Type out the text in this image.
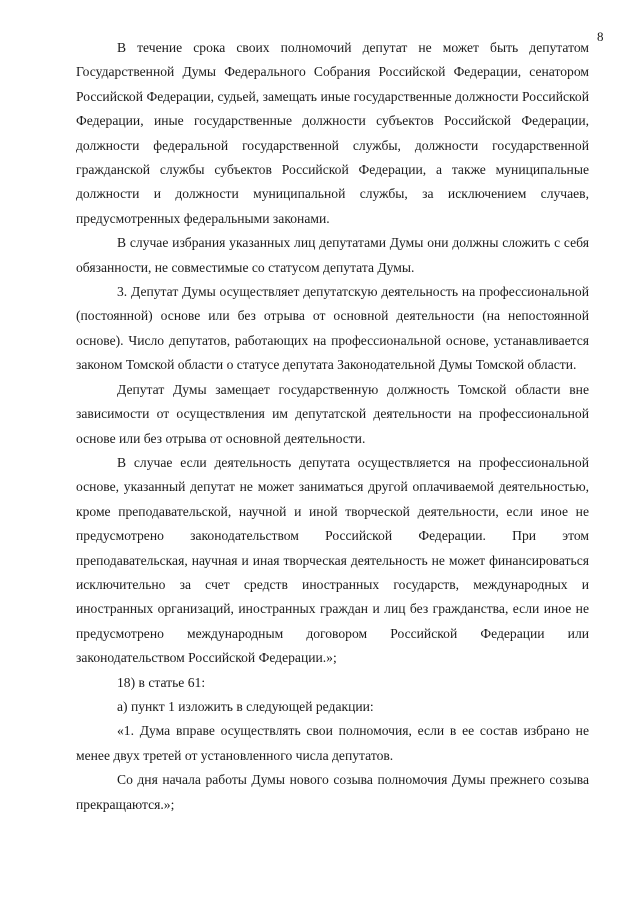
8

В течение срока своих полномочий депутат не может быть депутатом Государственной Думы Федерального Собрания Российской Федерации, сенатором Российской Федерации, судьей, замещать иные государственные должности Российской Федерации, иные государственные должности субъектов Российской Федерации, должности федеральной государственной службы, должности государственной гражданской службы субъектов Российской Федерации, а также муниципальные должности и должности муниципальной службы, за исключением случаев, предусмотренных федеральными законами.

В случае избрания указанных лиц депутатами Думы они должны сложить с себя обязанности, не совместимые со статусом депутата Думы.

3. Депутат Думы осуществляет депутатскую деятельность на профессиональной (постоянной) основе или без отрыва от основной деятельности (на непостоянной основе). Число депутатов, работающих на профессиональной основе, устанавливается законом Томской области о статусе депутата Законодательной Думы Томской области.

Депутат Думы замещает государственную должность Томской области вне зависимости от осуществления им депутатской деятельности на профессиональной основе или без отрыва от основной деятельности.

В случае если деятельность депутата осуществляется на профессиональной основе, указанный депутат не может заниматься другой оплачиваемой деятельностью, кроме преподавательской, научной и иной творческой деятельности, если иное не предусмотрено законодательством Российской Федерации. При этом преподавательская, научная и иная творческая деятельность не может финансироваться исключительно за счет средств иностранных государств, международных и иностранных организаций, иностранных граждан и лиц без гражданства, если иное не предусмотрено международным договором Российской Федерации или законодательством Российской Федерации.»;

18) в статье 61:

а) пункт 1 изложить в следующей редакции:

«1. Дума вправе осуществлять свои полномочия, если в ее состав избрано не менее двух третей от установленного числа депутатов.

Со дня начала работы Думы нового созыва полномочия Думы прежнего созыва прекращаются.»;
